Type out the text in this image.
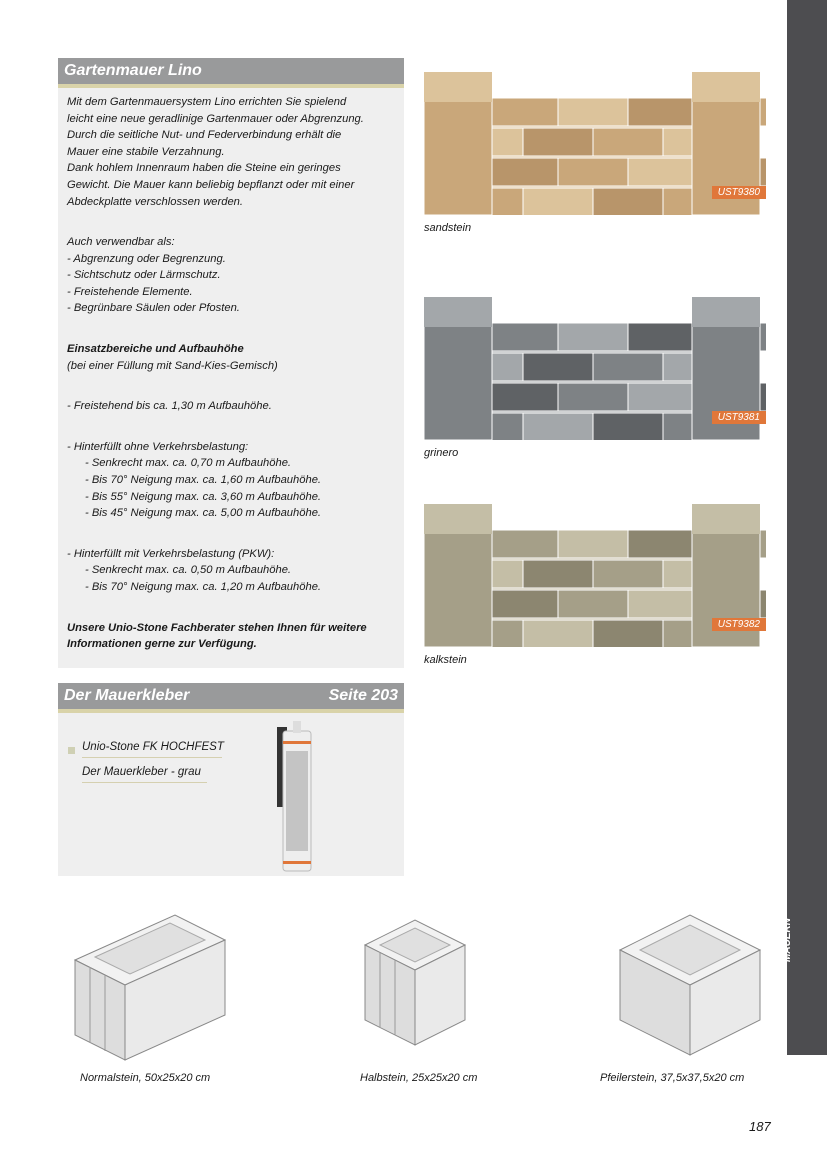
BETONWERKSTEIN-
MAUERN
Gartenmauer Lino
Mit dem Gartenmauersystem Lino errichten Sie spielend
leicht eine neue geradlinige Gartenmauer oder Abgrenzung.
Durch die seitliche Nut- und Federverbindung erhält die
Mauer eine stabile Verzahnung.
Dank hohlem Innenraum haben die Steine ein geringes
Gewicht. Die Mauer kann beliebig bepflanzt oder mit einer
Abdeckplatte verschlossen werden.
Auch verwendbar als:
- Abgrenzung oder Begrenzung.
- Sichtschutz oder Lärmschutz.
- Freistehende Elemente.
- Begrünbare Säulen oder Pfosten.
Einsatzbereiche und Aufbauhöhe
(bei einer Füllung mit Sand-Kies-Gemisch)
- Freistehend bis ca. 1,30 m Aufbauhöhe.
- Hinterfüllt ohne Verkehrsbelastung:
- Senkrecht max. ca. 0,70 m Aufbauhöhe.
- Bis 70° Neigung max. ca. 1,60 m Aufbauhöhe.
- Bis 55° Neigung max. ca. 3,60 m Aufbauhöhe.
- Bis 45° Neigung max. ca. 5,00 m Aufbauhöhe.
- Hinterfüllt mit Verkehrsbelastung (PKW):
- Senkrecht max. ca. 0,50 m Aufbauhöhe.
- Bis 70° Neigung max. ca. 1,20 m Aufbauhöhe.
Unsere Unio-Stone Fachberater stehen Ihnen für weitere
Informationen gerne zur Verfügung.
Der Mauerkleber	Seite 203
Unio-Stone FK HOCHFEST
Der Mauerkleber - grau
UST9380
sandstein
UST9381
grinero
UST9382
kalkstein
Normalstein, 50x25x20 cm	Halbstein, 25x25x20 cm	Pfeilerstein, 37,5x37,5x20 cm
187
